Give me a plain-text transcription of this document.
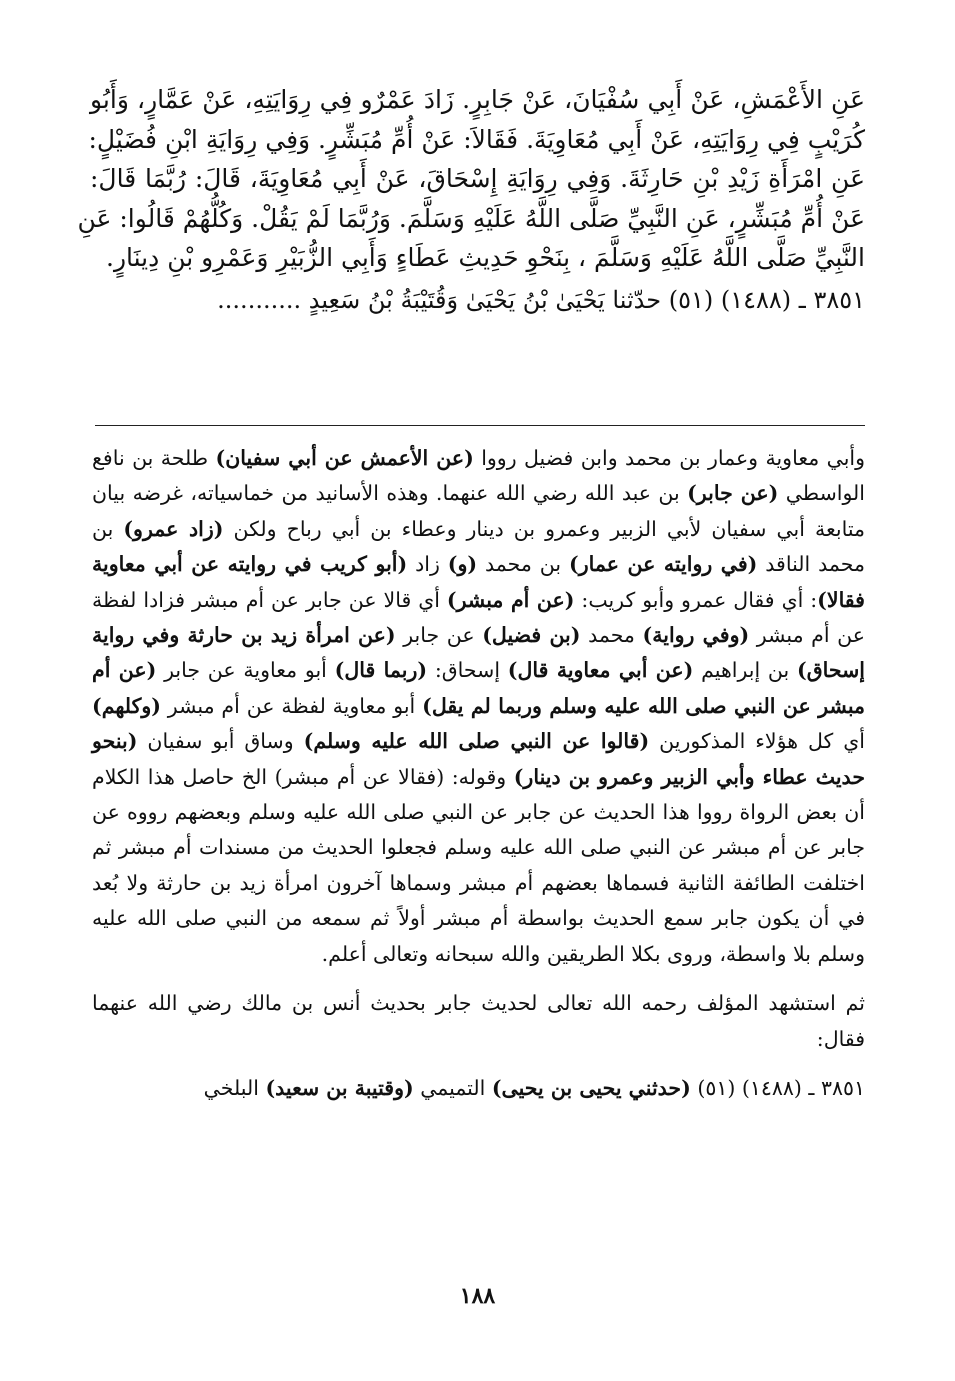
عَنِ الأَعْمَشِ، عَنْ أَبِي سُفْيَانَ، عَنْ جَابِرٍ. زَادَ عَمْرٌو فِي رِوَايَتِهِ، عَنْ عَمَّارٍ، وَأَبُو
كُرَيْبٍ فِي رِوَايَتِهِ، عَنْ أَبِي مُعَاوِيَةَ. فَقَالاَ: عَنْ أُمِّ مُبَشِّرٍ. وَفِي رِوَايَةِ ابْنِ فُضَيْلٍ:
عَنِ امْرَأَةِ زَيْدِ بْنِ حَارِثَةَ. وَفِي رِوَايَةِ إِسْحَاقَ، عَنْ أَبِي مُعَاوِيَةَ، قَالَ: رُبَّمَا قَالَ:
عَنْ أُمِّ مُبَشِّرٍ، عَنِ النَّبِيِّ صَلَّى اللَّهُ عَلَيْهِ وَسَلَّمَ. وَرُبَّمَا لَمْ يَقُلْ. وَكُلُّهُمْ قَالُوا: عَنِ
النَّبِيِّ صَلَّى اللَّهُ عَلَيْهِ وَسَلَّمَ ، بِنَحْوِ حَدِيثِ عَطَاءٍ وَأَبِي الزُّبَيْرِ وَعَمْرِو بْنِ دِينَارٍ.
٣٨٥١ ـ (١٤٨٨) (٥١) حدّثنا يَحْيَىٰ بْنُ يَحْيَىٰ وَقُتَيْبَةُ بْنُ سَعِيدٍ ...........

وأبي معاوية وعمار بن محمد وابن فضيل رووا (عن الأعمش عن أبي سفيان) طلحة بن نافع الواسطي (عن جابر) بن عبد الله رضي الله عنهما. وهذه الأسانيد من خماسياته، غرضه بيان متابعة أبي سفيان لأبي الزبير وعمرو بن دينار وعطاء بن أبي رباح ولكن (زاد عمرو) بن محمد الناقد (في روايته عن عمار) بن محمد (و) زاد (أبو كريب في روايته عن أبي معاوية فقالا): أي فقال عمرو وأبو كريب: (عن أم مبشر) أي قالا عن جابر عن أم مبشر فزادا لفظة عن أم مبشر (وفي رواية) محمد (بن فضيل) عن جابر (عن امرأة زيد بن حارثة وفي رواية إسحاق) بن إبراهيم (عن أبي معاوية قال) إسحاق: (ربما قال) أبو معاوية عن جابر (عن أم مبشر عن النبي صلى الله عليه وسلم وربما لم يقل) أبو معاوية لفظة عن أم مبشر (وكلهم) أي كل هؤلاء المذكورين (قالوا عن النبي صلى الله عليه وسلم) وساق أبو سفيان (بنحو حديث عطاء وأبي الزبير وعمرو بن دينار) وقوله: (فقالا عن أم مبشر) الخ حاصل هذا الكلام أن بعض الرواة رووا هذا الحديث عن جابر عن النبي صلى الله عليه وسلم وبعضهم رووه عن جابر عن أم مبشر عن النبي صلى الله عليه وسلم فجعلوا الحديث من مسندات أم مبشر ثم اختلفت الطائفة الثانية فسماها بعضهم أم مبشر وسماها آخرون امرأة زيد بن حارثة ولا بُعد في أن يكون جابر سمع الحديث بواسطة أم مبشر أولاً ثم سمعه من النبي صلى الله عليه وسلم بلا واسطة، وروى بكلا الطريقين والله سبحانه وتعالى أعلم.

ثم استشهد المؤلف رحمه الله تعالى لحديث جابر بحديث أنس بن مالك رضي الله عنهما فقال:

٣٨٥١ ـ (١٤٨٨) (٥١) (حدثني يحيى بن يحيى) التميمي (وقتيبة بن سعيد) البلخي

١٨٨
